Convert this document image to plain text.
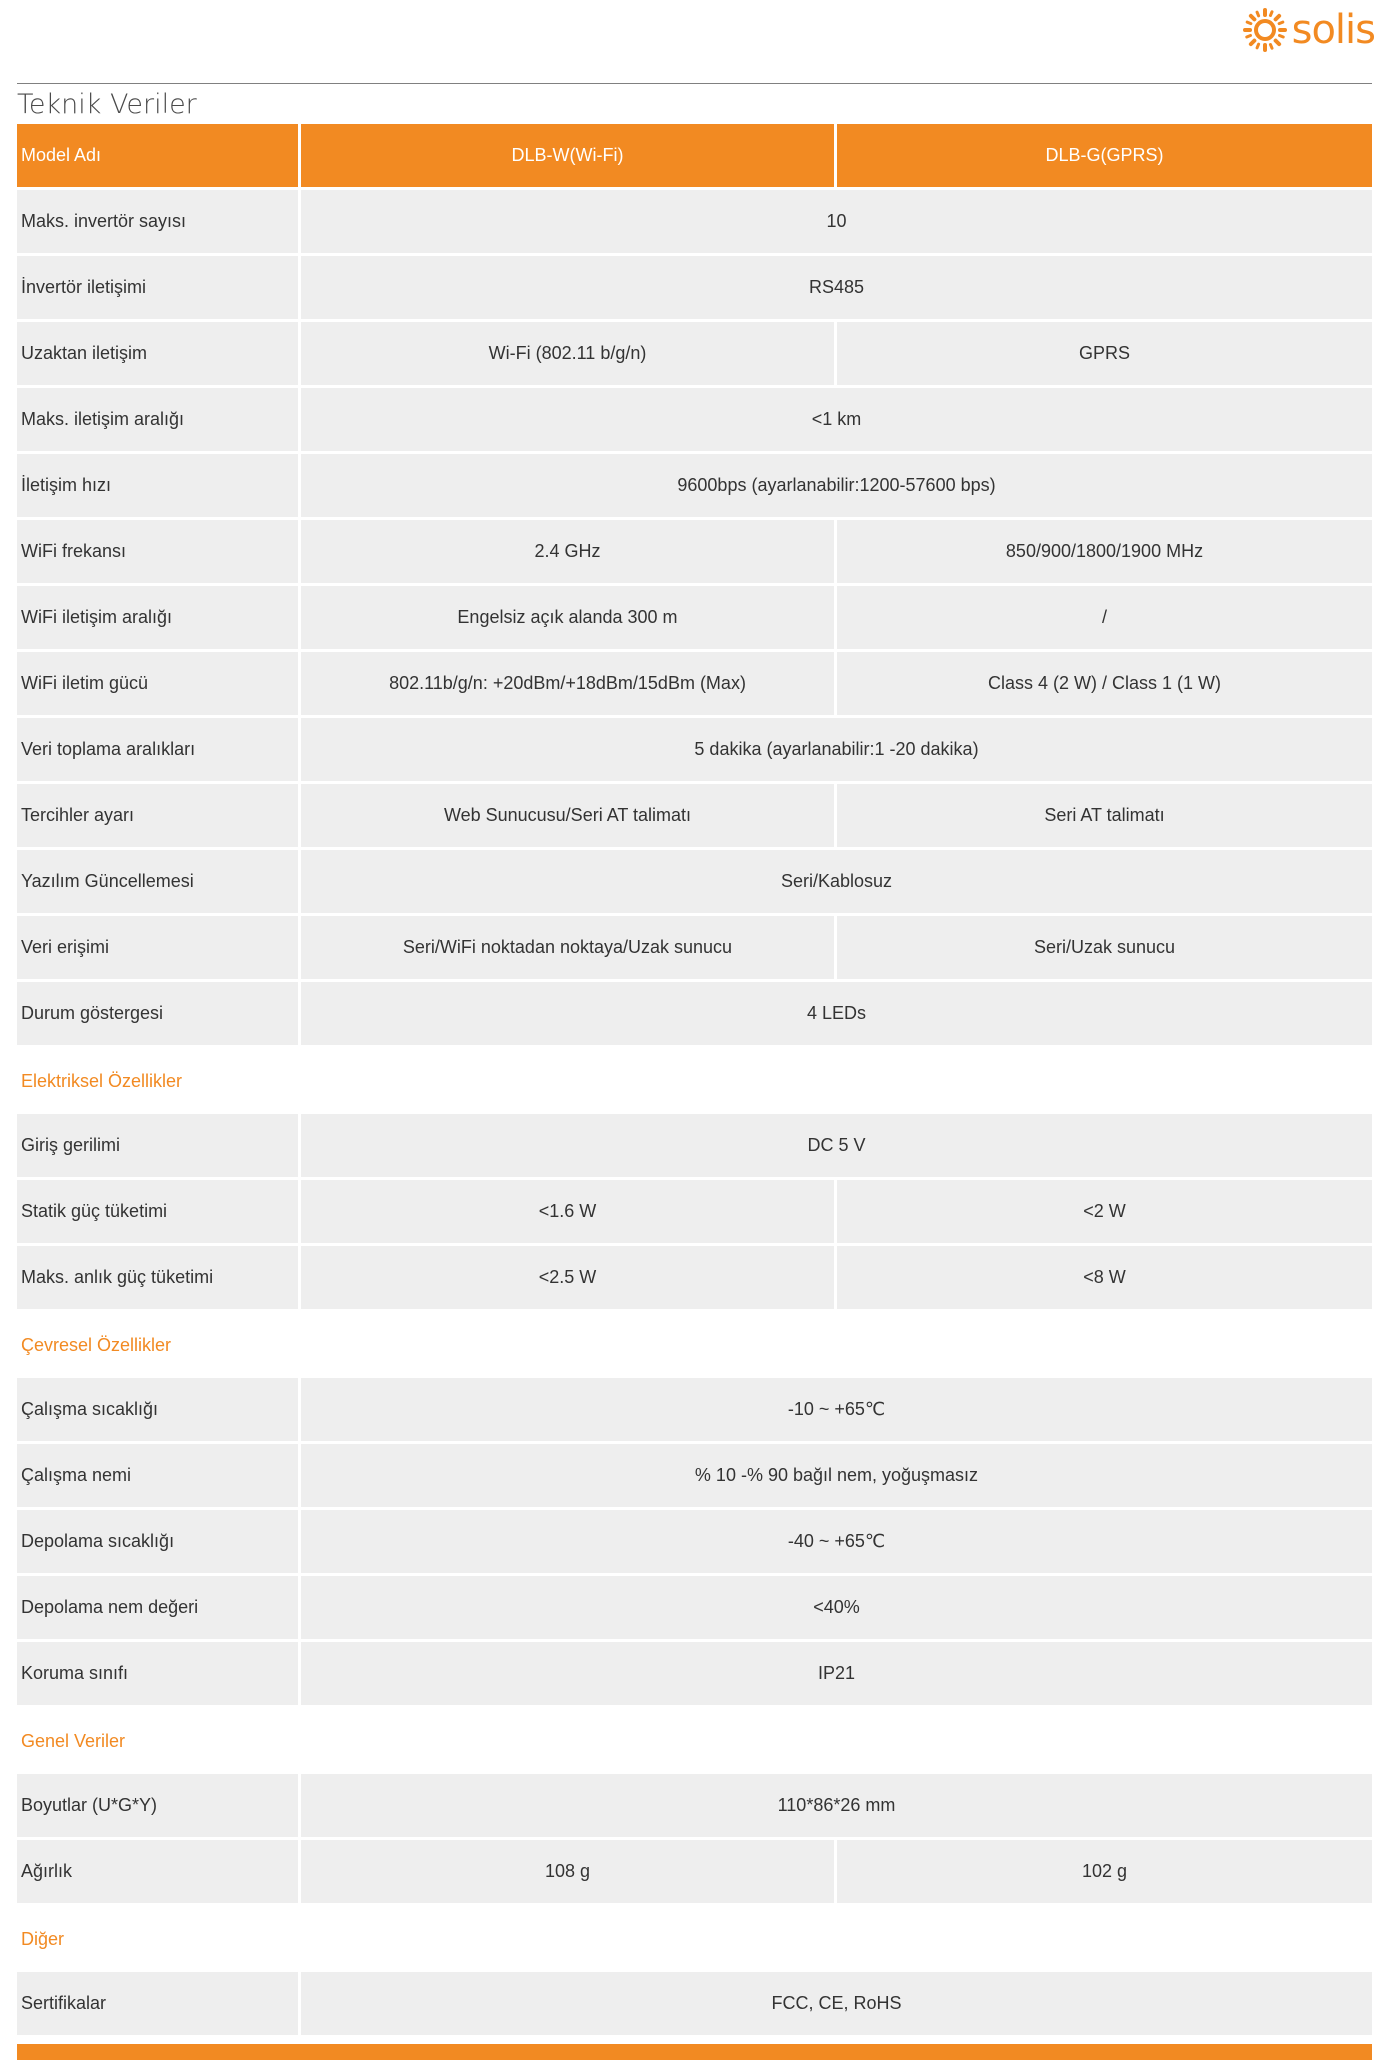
solis
Teknik Veriler
Model Adı	DLB-W(Wi-Fi)	DLB-G(GPRS)
Maks. invertör sayısı	10
İnvertör iletişimi	RS485
Uzaktan iletişim	Wi-Fi (802.11 b/g/n)	GPRS
Maks. iletişim aralığı	<1 km
İletişim hızı	9600bps (ayarlanabilir:1200-57600 bps)
WiFi frekansı	2.4 GHz	850/900/1800/1900 MHz
WiFi iletişim aralığı	Engelsiz açık alanda 300 m	/
WiFi iletim gücü	802.11b/g/n: +20dBm/+18dBm/15dBm (Max)	Class 4 (2 W) / Class 1 (1 W)
Veri toplama aralıkları	5 dakika (ayarlanabilir:1 -20 dakika)
Tercihler ayarı	Web Sunucusu/Seri AT talimatı	Seri AT talimatı
Yazılım Güncellemesi	Seri/Kablosuz
Veri erişimi	Seri/WiFi noktadan noktaya/Uzak sunucu	Seri/Uzak sunucu
Durum göstergesi	4 LEDs
Elektriksel Özellikler
Giriş gerilimi	DC 5 V
Statik güç tüketimi	<1.6 W	<2 W
Maks. anlık güç tüketimi	<2.5 W	<8 W
Çevresel Özellikler
Çalışma sıcaklığı	-10 ~ +65℃
Çalışma nemi	% 10 -% 90 bağıl nem, yoğuşmasız
Depolama sıcaklığı	-40 ~ +65℃
Depolama nem değeri	<40%
Koruma sınıfı	IP21
Genel Veriler
Boyutlar (U*G*Y)	110*86*26 mm
Ağırlık	108 g	102 g
Diğer
Sertifikalar	FCC, CE, RoHS
